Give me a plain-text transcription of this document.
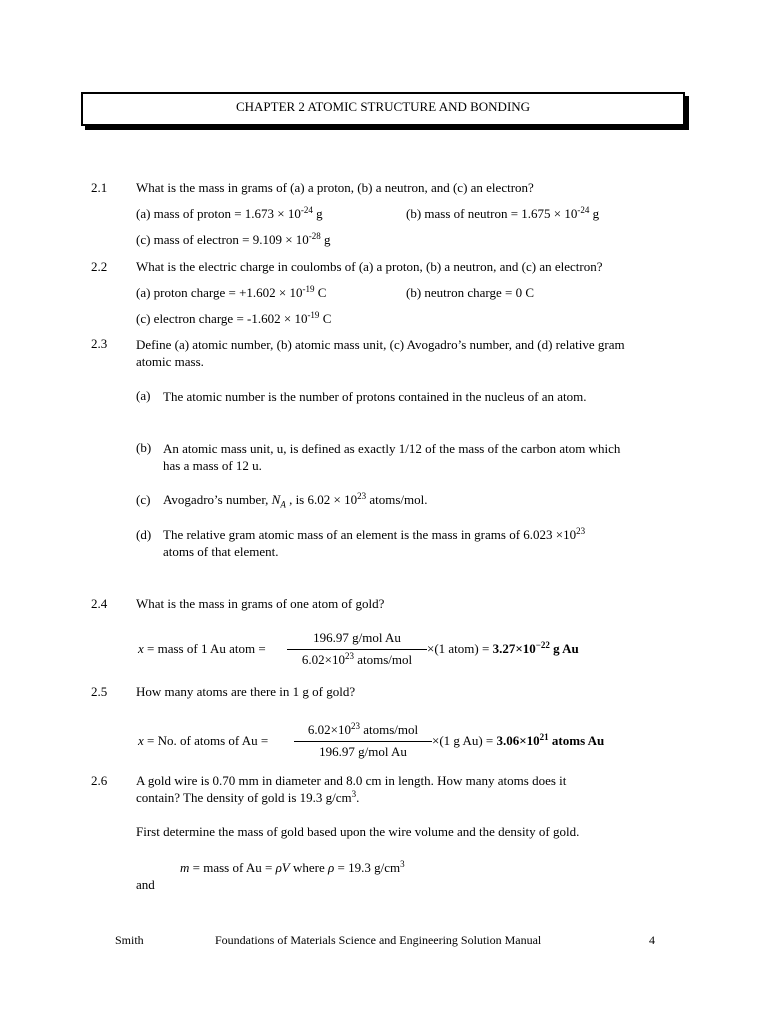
CHAPTER 2 ATOMIC STRUCTURE AND BONDING
2.1 What is the mass in grams of (a) a proton, (b) a neutron, and (c) an electron?
(a) mass of proton = $1.673 \times 10^{-24}$ g	(b) mass of neutron = $1.675 \times 10^{-24}$ g
(c) mass of electron = $9.109 \times 10^{-28}$ g
2.2 What is the electric charge in coulombs of (a) a proton, (b) a neutron, and (c) an electron?
(a) proton charge = $+1.602 \times 10^{-19}$ C	(b) neutron charge = 0 C
(c) electron charge = $-1.602 \times 10^{-19}$ C
2.3 Define (a) atomic number, (b) atomic mass unit, (c) Avogadro’s number, and (d) relative gram atomic mass.
(a) The atomic number is the number of protons contained in the nucleus of an atom.
(b) An atomic mass unit, u, is defined as exactly 1/12 of the mass of the carbon atom which has a mass of 12 u.
(c) Avogadro’s number, $N_A$ , is $6.02 \times 10^{23}$ atoms/mol.
(d) The relative gram atomic mass of an element is the mass in grams of $6.023 \times 10^{23}$
atoms of that element.
2.4 What is the mass in grams of one atom of gold?
x = mass of 1 Au atom =
196.97 g/mol Au
$6.02\times 10^{23}$ atoms/mol
×(1 atom) = $3.27\times 10^{-22}$ g Au
2.5 How many atoms are there in 1 g of gold?
x = No. of atoms of Au =
$6.02\times 10^{23}$ atoms/mol
196.97 g/mol Au
×(1 g $Au) = 3.06\times 10^{21}$ atoms Au
2.6 A gold wire is 0.70 mm in diameter and 8.0 cm in length. How many atoms does it
contain? The density of gold is 19.3 $g/cm^3$.
First determine the mass of gold based upon the wire volume and the density of gold.
m = mass of Au = ρV where ρ = 19.3 $g/cm^3$
and
Smith	Foundations of Materials Science and Engineering Solution Manual	4
